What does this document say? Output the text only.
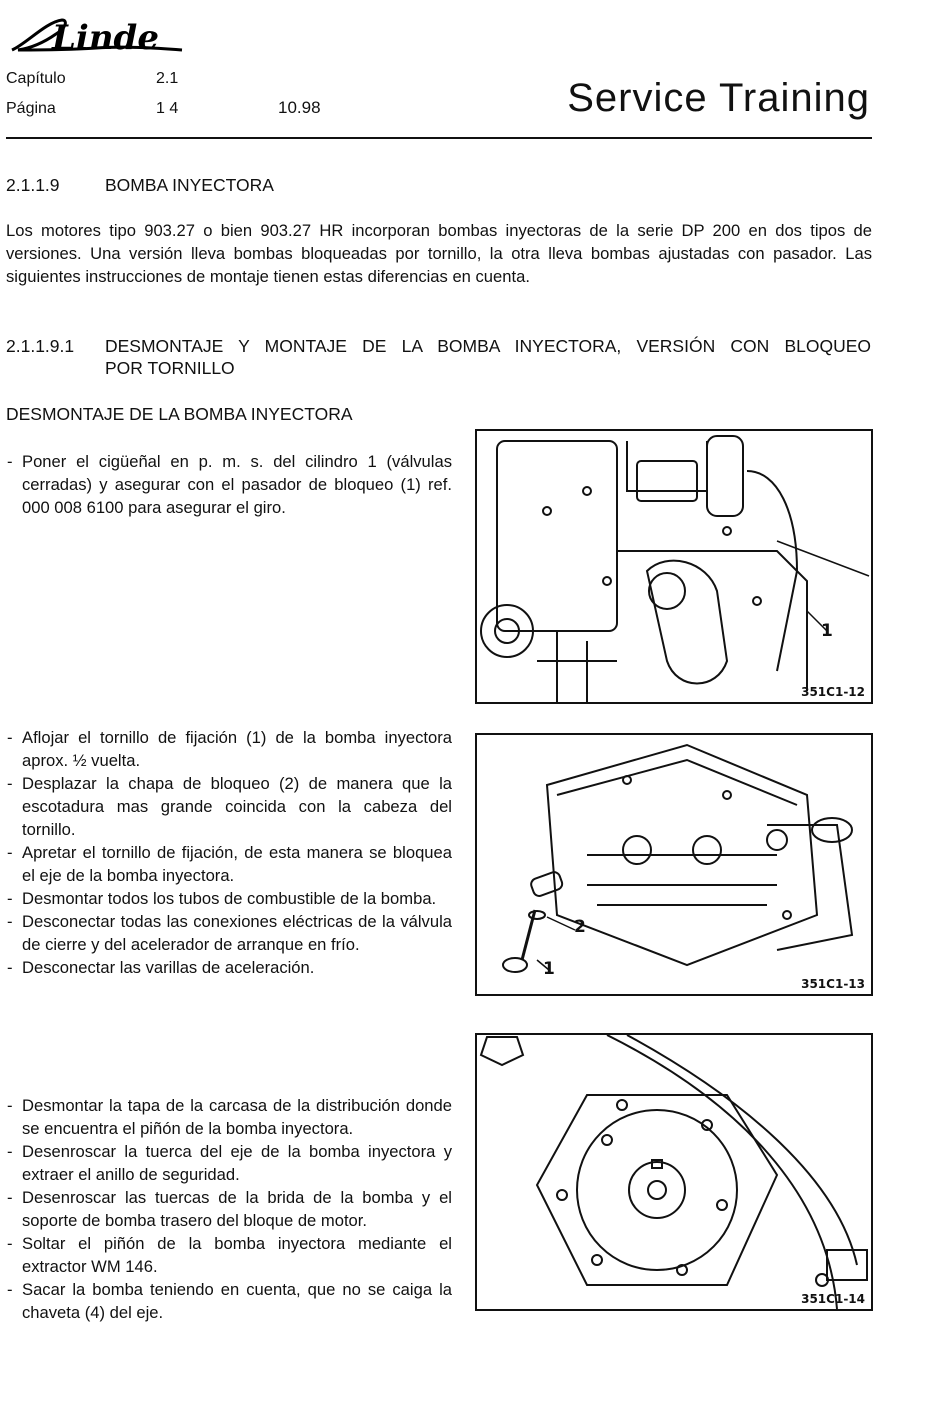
Linde
Capítulo	2.1
Página	1 4	10.98	Service Training
2.1.1.9	BOMBA INYECTORA
Los motores tipo 903.27 o bien 903.27 HR incorporan bombas inyectoras de la serie DP 200 en dos tipos de versiones. Una versión lleva bombas bloqueadas por tornillo, la otra lleva bombas ajustadas con pasador. Las siguientes instrucciones de montaje tienen estas diferencias en cuenta.
2.1.1.9.1 DESMONTAJE Y MONTAJE DE LA BOMBA INYECTORA, VERSIÓN CON BLOQUEO
POR TORNILLO
DESMONTAJE DE LA BOMBA INYECTORA
- Poner el cigüeñal en p. m. s. del cilindro 1 (válvulas cerradas) y asegurar con el pasador de bloqueo (1) ref. 000 008 6100 para asegurar el giro.
- Aflojar el tornillo de fijación (1) de la bomba inyectora aprox. ½ vuelta.
- Desplazar la chapa de bloqueo (2) de manera que la escotadura mas grande coincida con la cabeza del tornillo.
- Apretar el tornillo de fijación, de esta manera se bloquea el eje de la bomba inyectora.
- Desmontar todos los tubos de combustible de la bomba.
- Desconectar todas las conexiones eléctricas de la válvula de cierre y del acelerador de arranque en frío.
- Desconectar las varillas de aceleración.
- Desmontar la tapa de la carcasa de la distribución donde se encuentra el piñón de la bomba inyectora.
- Desenroscar la tuerca del eje de la bomba inyectora y extraer el anillo de seguridad.
- Desenroscar las tuercas de la brida de la bomba y el soporte de bomba trasero del bloque de motor.
- Soltar el piñón de la bomba inyectora mediante el extractor WM 146.
- Sacar la bomba teniendo en cuenta, que no se caiga la chaveta (4) del eje.
1
351C1-12
2
1
351C1-13
351C1-14
